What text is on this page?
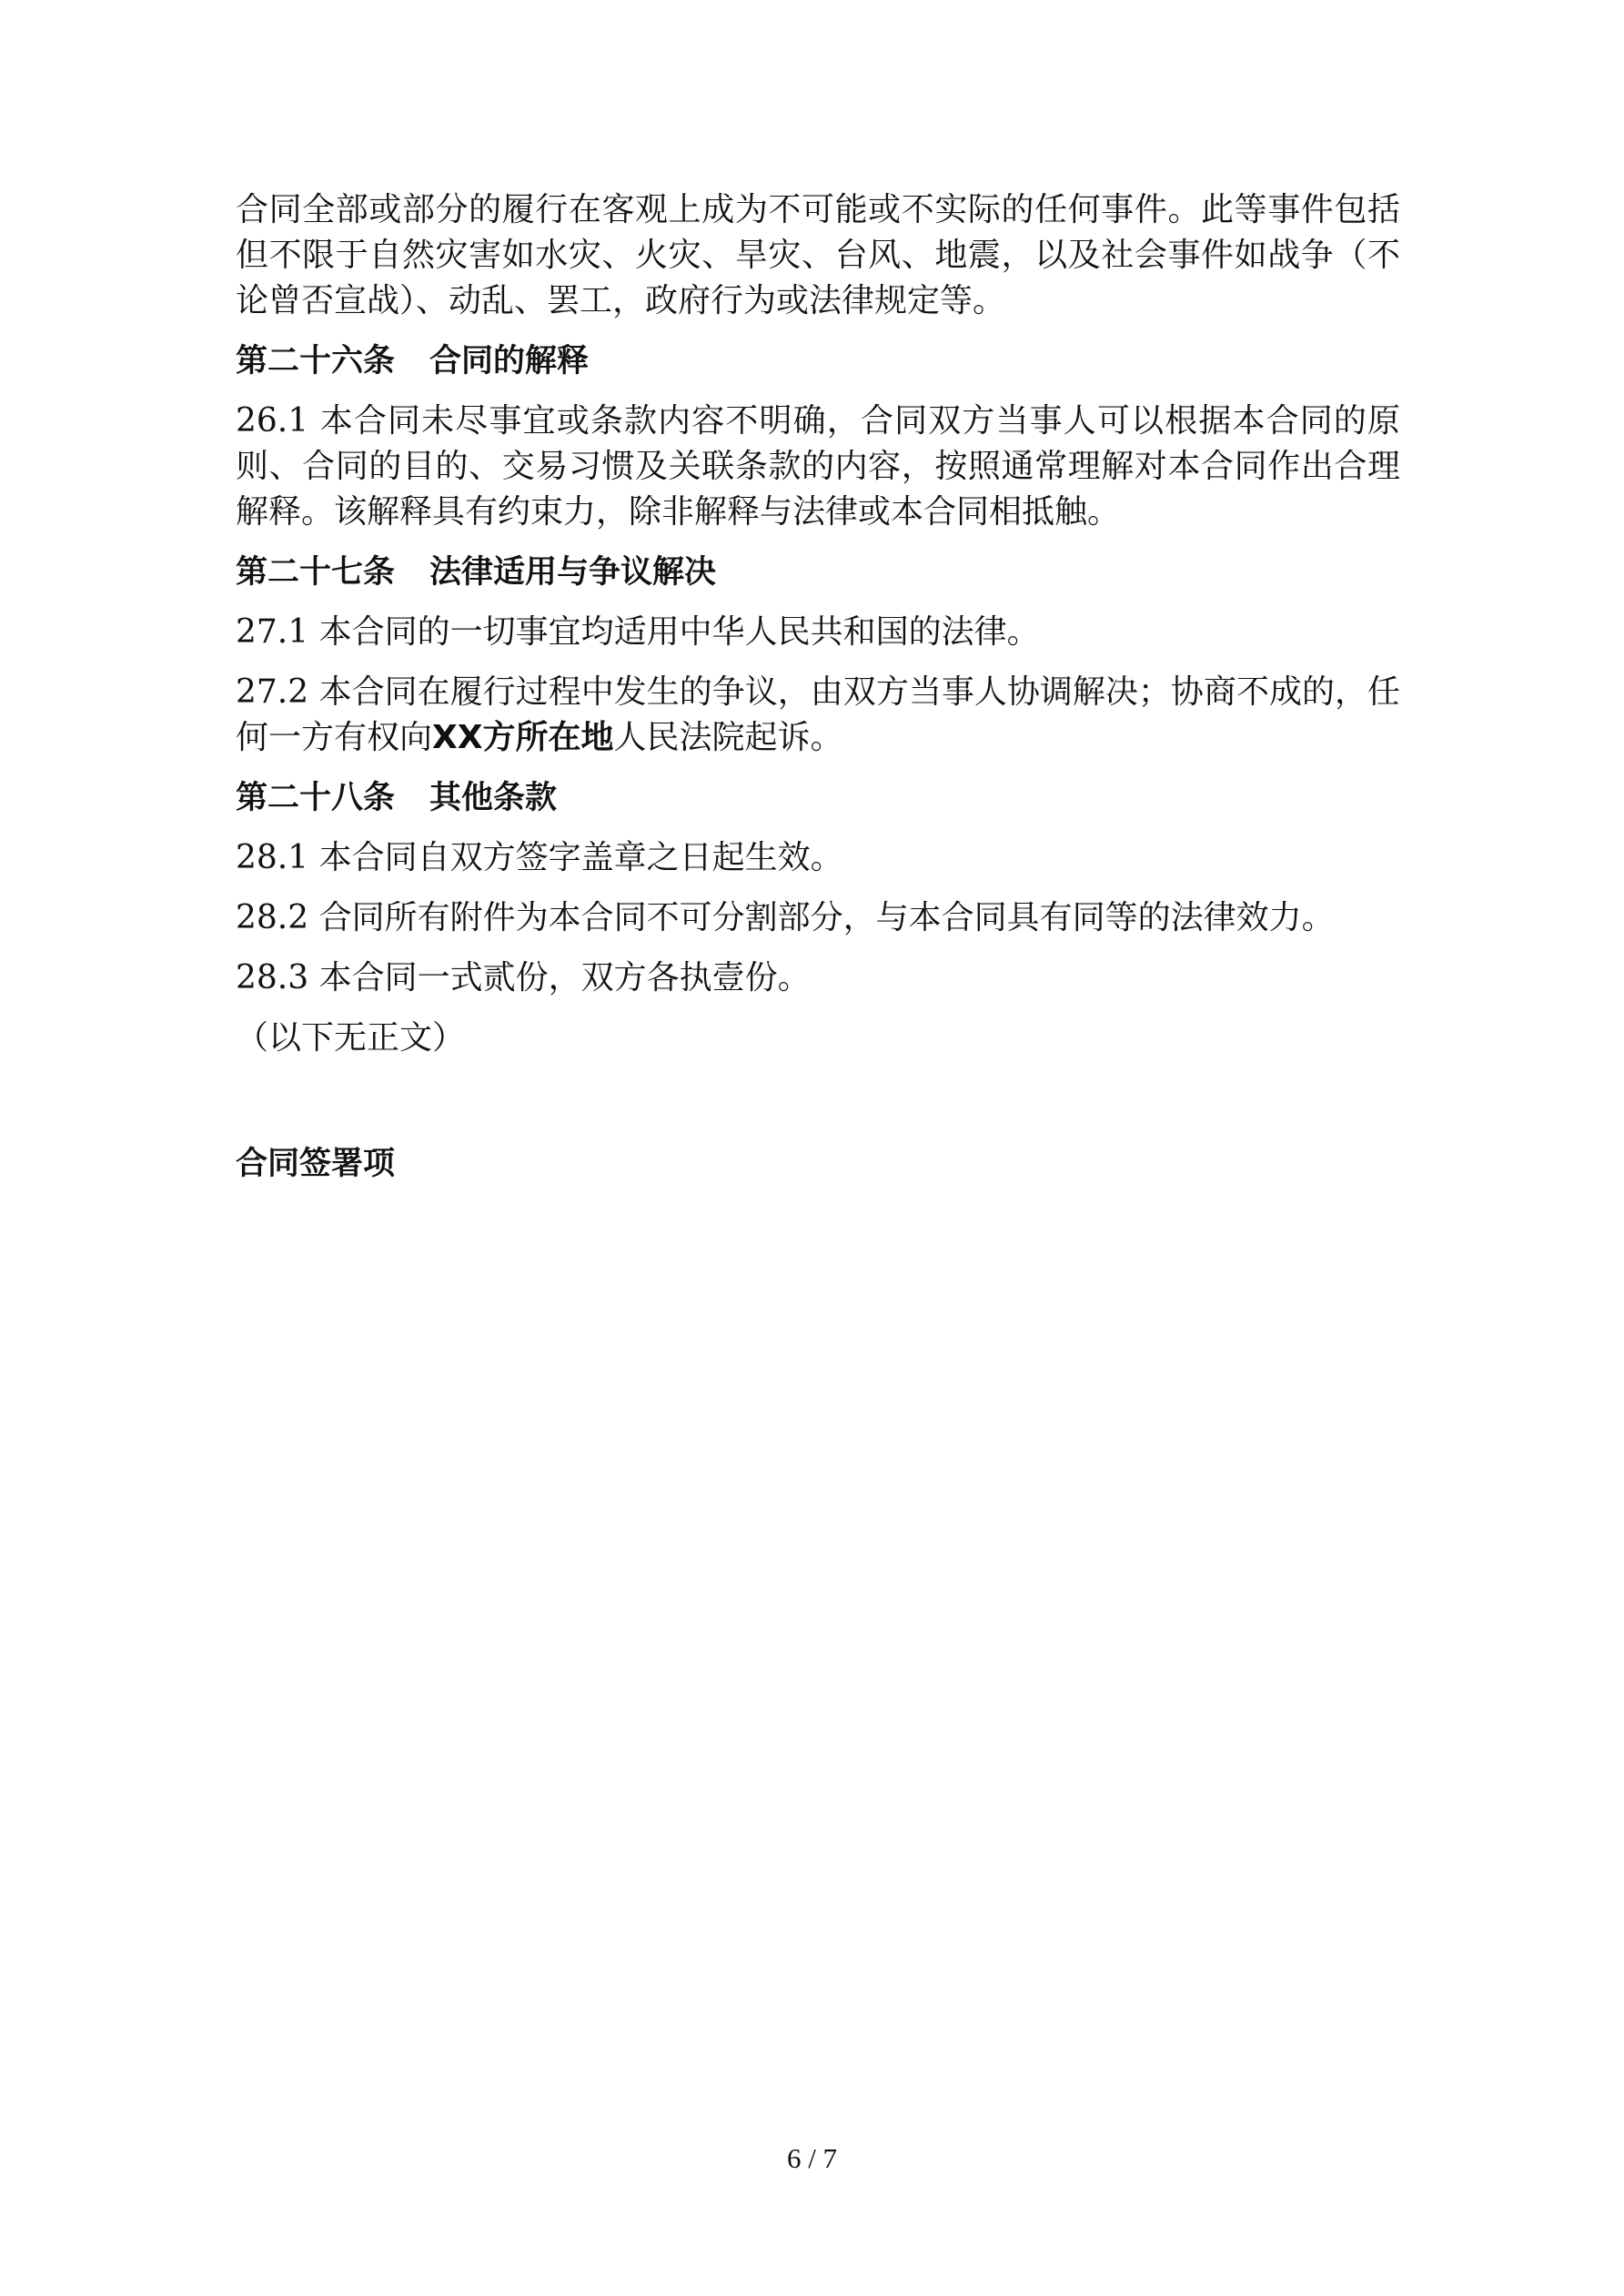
合同全部或部分的履行在客观上成为不可能或不实际的任何事件。此等事件包括但不限于自然灾害如水灾、火灾、旱灾、台风、地震，以及社会事件如战争（不论曾否宣战）、动乱、罢工，政府行为或法律规定等。

第二十六条 合同的解释

26.1 本合同未尽事宜或条款内容不明确，合同双方当事人可以根据本合同的原则、合同的目的、交易习惯及关联条款的内容，按照通常理解对本合同作出合理解释。该解释具有约束力，除非解释与法律或本合同相抵触。

第二十七条 法律适用与争议解决

27.1 本合同的一切事宜均适用中华人民共和国的法律。

27.2 本合同在履行过程中发生的争议，由双方当事人协调解决；协商不成的，任何一方有权向XX方所在地人民法院起诉。

第二十八条 其他条款

28.1 本合同自双方签字盖章之日起生效。

28.2 合同所有附件为本合同不可分割部分，与本合同具有同等的法律效力。

28.3 本合同一式贰份，双方各执壹份。

（以下无正文）

合同签署项

6 / 7
